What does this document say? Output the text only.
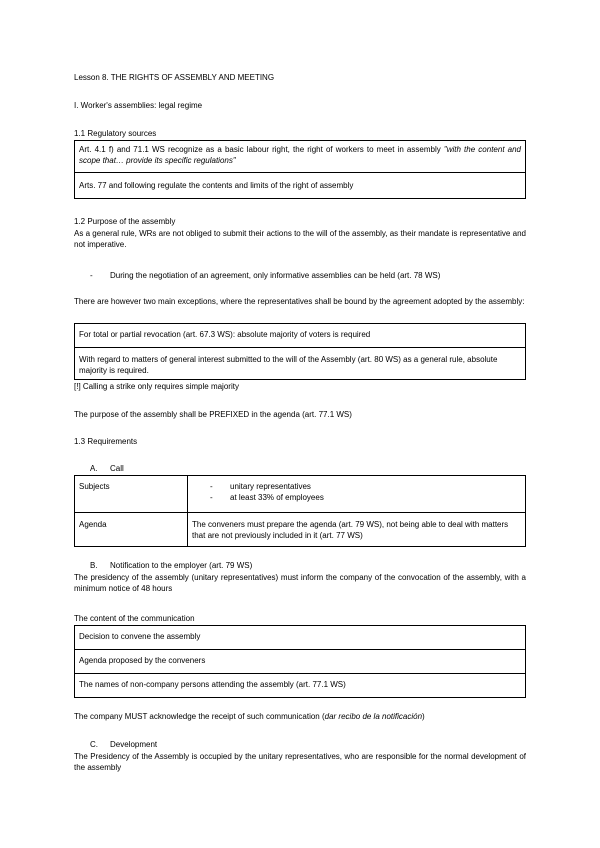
Lesson 8. THE RIGHTS OF ASSEMBLY AND MEETING
I. Worker's assemblies: legal regime
1.1 Regulatory sources
Art. 4.1 f) and 71.1 WS recognize as a basic labour right, the right of workers to meet in assembly "with the content and scope that… provide its specific regulations"
Arts. 77 and following regulate the contents and limits of the right of assembly
1.2 Purpose of the assembly
As a general rule, WRs are not obliged to submit their actions to the will of the assembly, as their mandate is representative and not imperative.
- During the negotiation of an agreement, only informative assemblies can be held (art. 78 WS)
There are however two main exceptions, where the representatives shall be bound by the agreement adopted by the assembly:
For total or partial revocation (art. 67.3 WS): absolute majority of voters is required
With regard to matters of general interest submitted to the will of the Assembly (art. 80 WS) as a general rule, absolute majority is required.
[!] Calling a strike only requires simple majority
The purpose of the assembly shall be PREFIXED in the agenda (art. 77.1 WS)
1.3 Requirements
A. Call
Subjects	- unitary representatives
- at least 33% of employees

Agenda	The conveners must prepare the agenda (art. 79 WS), not being able to deal with matters that are not previously included in it (art. 77 WS)
B. Notification to the employer (art. 79 WS)
The presidency of the assembly (unitary representatives) must inform the company of the convocation of the assembly, with a minimum notice of 48 hours
The content of the communication
Decision to convene the assembly
Agenda proposed by the conveners
The names of non-company persons attending the assembly (art. 77.1 WS)
The company MUST acknowledge the receipt of such communication (dar recibo de la notificación)
C. Development
The Presidency of the Assembly is occupied by the unitary representatives, who are responsible for the normal development of the assembly
